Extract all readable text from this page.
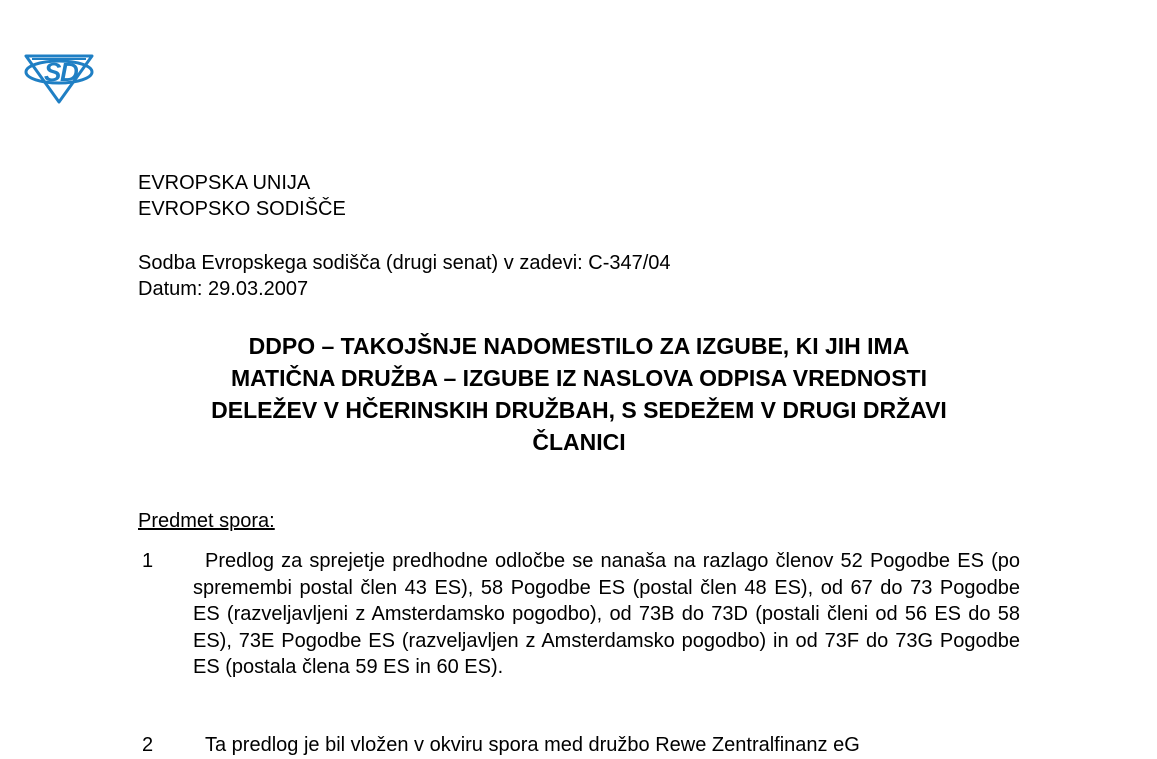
S
D
EVROPSKA UNIJA
EVROPSKO SODIŠČE
Sodba Evropskega sodišča (drugi senat) v zadevi: C-347/04
Datum: 29.03.2007
DDPO – TAKOJŠNJE NADOMESTILO ZA IZGUBE, KI JIH IMA
MATIČNA DRUŽBA – IZGUBE IZ NASLOVA ODPISA VREDNOSTI
DELEŽEV V HČERINSKIH DRUŽBAH, S SEDEŽEM V DRUGI DRŽAVI
ČLANICI
Predmet spora:
1	Predlog za sprejetje predhodne odločbe se nanaša na razlago členov 52 Pogodbe ES (po spremembi postal člen 43 ES), 58 Pogodbe ES (postal člen 48 ES), od 67 do 73 Pogodbe ES (razveljavljeni z Amsterdamsko pogodbo), od 73B do 73D (postali členi od 56 ES do 58 ES), 73E Pogodbe ES (razveljavljen z Amsterdamsko pogodbo) in od 73F do 73G Pogodbe ES (postala člena 59 ES in 60 ES).
2	Ta predlog je bil vložen v okviru spora med družbo Rewe Zentralfinanz eG
